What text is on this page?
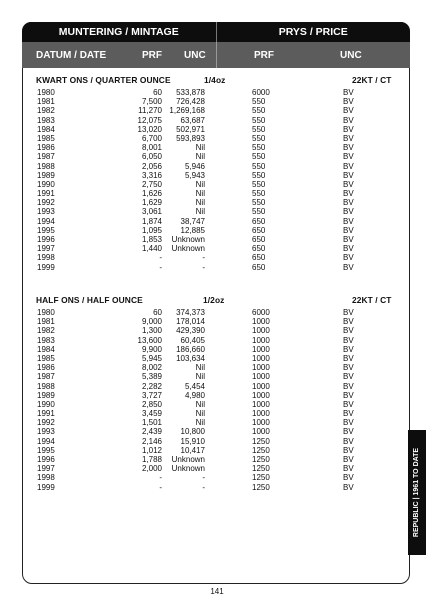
MUNTERING / MINTAGE	PRYS / PRICE
DATUM / DATE	PRF UNC	PRF	UNC
KWART ONS / QUARTER OUNCE	1/4oz	22KT / CT
1980	60 533,878	6000	BV
1981	7,500 726,428	550	BV
1982	11,270 1,269,168	550	BV
1983	12,075 63,687	550	BV
1984	13,020 502,971	550	BV
1985	6,700 593,893	550	BV
1986	8,001	Nil	550	BV
1987	6,050	Nil	550	BV
1988	2,056	5,946	550	BV
1989	3,316	5,943	550	BV
1990	2,750	Nil	550	BV
1991	1,626	Nil	550	BV
1992	1,629	Nil	550	BV
1993	3,061	Nil	550	BV
1994	1,874 38,747	650	BV
1995	1,095 12,885	650	BV
1996	1,853 Unknown	650	BV
1997	1,440 Unknown	650	BV
1998	-	-	650	BV
1999	-	-	650	BV
HALF ONS / HALF OUNCE	1/2oz	22KT / CT
1980	60 374,373	6000	BV
1981	9,000 178,014	1000	BV
1982	1,300 429,390	1000	BV
1983	13,600 60,405	1000	BV
1984	9,900 186,660	1000	BV
1985	5,945 103,634	1000	BV
1986	8,002	Nil	1000	BV
1987	5,389	Nil	1000	BV
1988	2,282	5,454	1000	BV
1989	3,727	4,980	1000	BV
1990	2,850	Nil	1000	BV
1991	3,459	Nil	1000	BV
1992	1,501	Nil	1000	BV
1993	2,439 10,800	1000	BV
1994	2,146 15,910	1250	BV
1995	1,012 10,417	1250	BV
1996	1,788 Unknown	1250	BV
1997	2,000 Unknown	1250	BV
1998	-	-	1250	BV
1999	-	-	1250	BV	REPUBLIC | 1961 TO DATE
141
